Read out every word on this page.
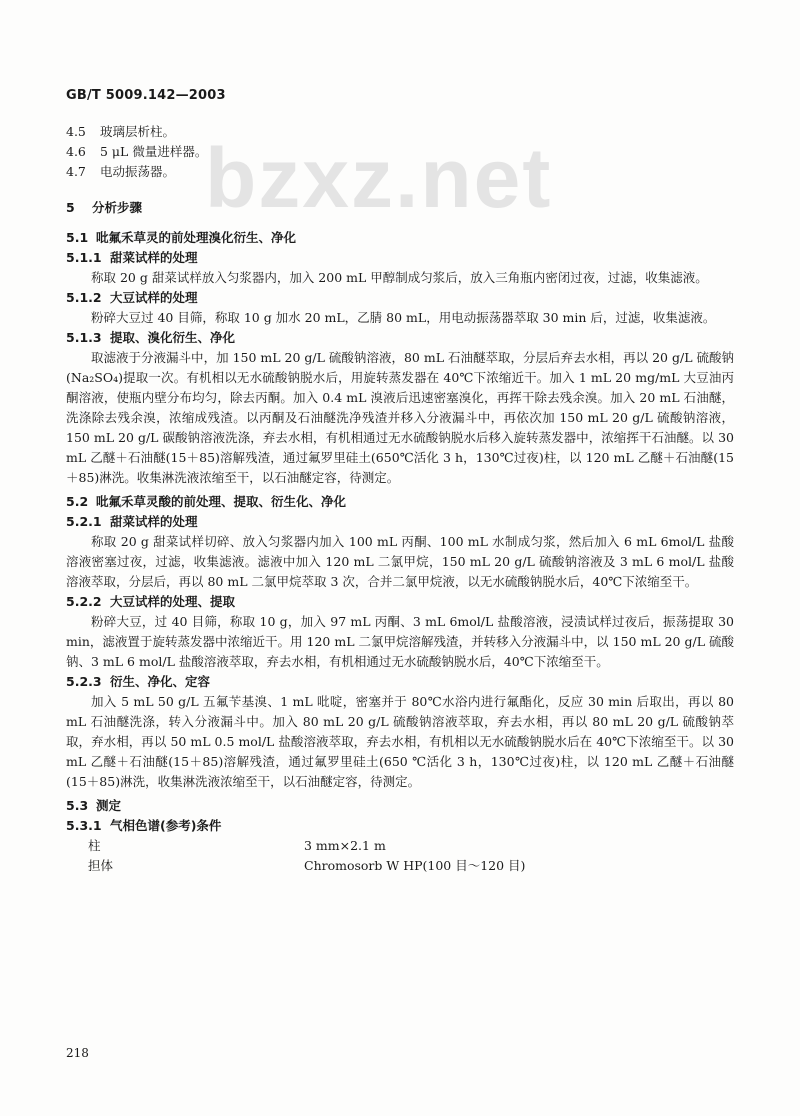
bzxz.net
GB/T 5009.142—2003
4.5 玻璃层析柱。
4.6 5 μL 微量进样器。
4.7 电动振荡器。
5 分析步骤
5.1 吡氟禾草灵的前处理溴化衍生、净化
5.1.1 甜菜试样的处理

称取 20 g 甜菜试样放入匀浆器内，加入 200 mL 甲醇制成匀浆后，放入三角瓶内密闭过夜，过滤，收集滤液。

5.1.2 大豆试样的处理

粉碎大豆过 40 目筛，称取 10 g 加水 20 mL，乙腈 80 mL，用电动振荡器萃取 30 min 后，过滤，收集滤液。

5.1.3 提取、溴化衍生、净化

取滤液于分液漏斗中，加 150 mL 20 g/L 硫酸钠溶液，80 mL 石油醚萃取，分层后弃去水相，再以 20 g/L 硫酸钠(Na₂SO₄)提取一次。有机相以无水硫酸钠脱水后，用旋转蒸发器在 40℃下浓缩近干。加入 1 mL 20 mg/mL 大豆油丙酮溶液，使瓶内壁分布均匀，除去丙酮。加入 0.4 mL 溴液后迅速密塞溴化，再挥干除去残余溴。加入 20 mL 石油醚，洗涤除去残余溴，浓缩成残渣。以丙酮及石油醚洗净残渣并移入分液漏斗中，再依次加 150 mL 20 g/L 硫酸钠溶液，150 mL 20 g/L 碳酸钠溶液洗涤，弃去水相，有机相通过无水硫酸钠脱水后移入旋转蒸发器中，浓缩挥干石油醚。以 30 mL 乙醚＋石油醚(15＋85)溶解残渣，通过氟罗里硅土(650℃活化 3 h，130℃过夜)柱，以 120 mL 乙醚＋石油醚(15＋85)淋洗。收集淋洗液浓缩至干，以石油醚定容，待测定。

5.2 吡氟禾草灵酸的前处理、提取、衍生化、净化
5.2.1 甜菜试样的处理

称取 20 g 甜菜试样切碎、放入匀浆器内加入 100 mL 丙酮、100 mL 水制成匀浆，然后加入 6 mL 6mol/L 盐酸溶液密塞过夜，过滤，收集滤液。滤液中加入 120 mL 二氯甲烷，150 mL 20 g/L 硫酸钠溶液及 3 mL 6 mol/L 盐酸溶液萃取，分层后，再以 80 mL 二氯甲烷萃取 3 次，合并二氯甲烷液，以无水硫酸钠脱水后，40℃下浓缩至干。

5.2.2 大豆试样的处理、提取

粉碎大豆，过 40 目筛，称取 10 g，加入 97 mL 丙酮、3 mL 6mol/L 盐酸溶液，浸渍试样过夜后，振荡提取 30 min，滤液置于旋转蒸发器中浓缩近干。用 120 mL 二氯甲烷溶解残渣，并转移入分液漏斗中，以 150 mL 20 g/L 硫酸钠、3 mL 6 mol/L 盐酸溶液萃取，弃去水相，有机相通过无水硫酸钠脱水后，40℃下浓缩至干。

5.2.3 衍生、净化、定容

加入 5 mL 50 g/L 五氟苄基溴、1 mL 吡啶，密塞并于 80℃水浴内进行氟酯化，反应 30 min 后取出，再以 80 mL 石油醚洗涤，转入分液漏斗中。加入 80 mL 20 g/L 硫酸钠溶液萃取，弃去水相，再以 80 mL 20 g/L 硫酸钠萃取，弃水相，再以 50 mL 0.5 mol/L 盐酸溶液萃取，弃去水相，有机相以无水硫酸钠脱水后在 40℃下浓缩至干。以 30 mL 乙醚＋石油醚(15＋85)溶解残渣，通过氟罗里硅土(650 ℃活化 3 h，130℃过夜)柱，以 120 mL 乙醚＋石油醚(15＋85)淋洗，收集淋洗液浓缩至干，以石油醚定容，待测定。

5.3 测定
5.3.1 气相色谱(参考)条件
柱	3 mm×2.1 m
担体	Chromosorb W HP(100 目～120 目)
218
